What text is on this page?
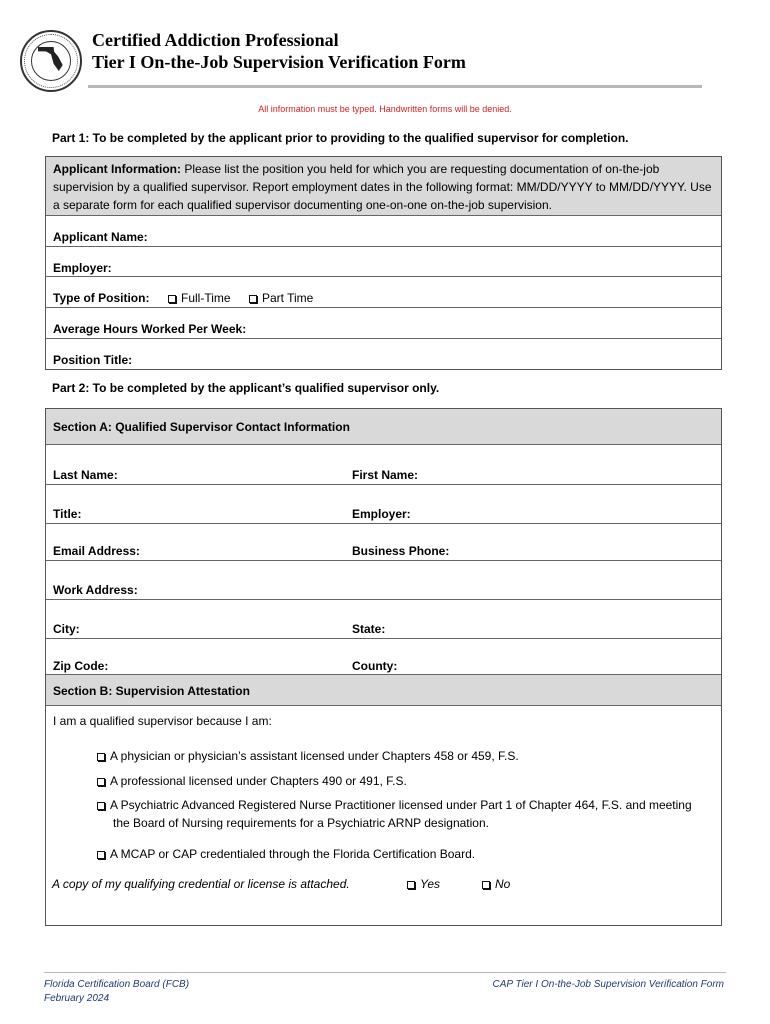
Certified Addiction Professional
Tier I On-the-Job Supervision Verification Form
All information must be typed. Handwritten forms will be denied.
Part 1: To be completed by the applicant prior to providing to the qualified supervisor for completion.
Applicant Information: Please list the position you held for which you are requesting documentation of on-the-job supervision by a qualified supervisor. Report employment dates in the following format: MM/DD/YYYY to MM/DD/YYYY. Use a separate form for each qualified supervisor documenting one-on-one on-the-job supervision.
Applicant Name:
Employer:
Type of Position:	Full-Time	Part Time
Average Hours Worked Per Week:
Position Title:
Part 2: To be completed by the applicant’s qualified supervisor only.
Section A: Qualified Supervisor Contact Information
Last Name:	First Name:
Title:	Employer:
Email Address:	Business Phone:
Work Address:
City:	State:
Zip Code:	County:
Section B: Supervision Attestation
I am a qualified supervisor because I am:
A physician or physician’s assistant licensed under Chapters 458 or 459, F.S.
A professional licensed under Chapters 490 or 491, F.S.
A Psychiatric Advanced Registered Nurse Practitioner licensed under Part 1 of Chapter 464, F.S. and meeting the Board of Nursing requirements for a Psychiatric ARNP designation.
A MCAP or CAP credentialed through the Florida Certification Board.
A copy of my qualifying credential or license is attached.	Yes	No
Florida Certification Board (FCB)
February 2024
CAP Tier I On-the-Job Supervision Verification Form
